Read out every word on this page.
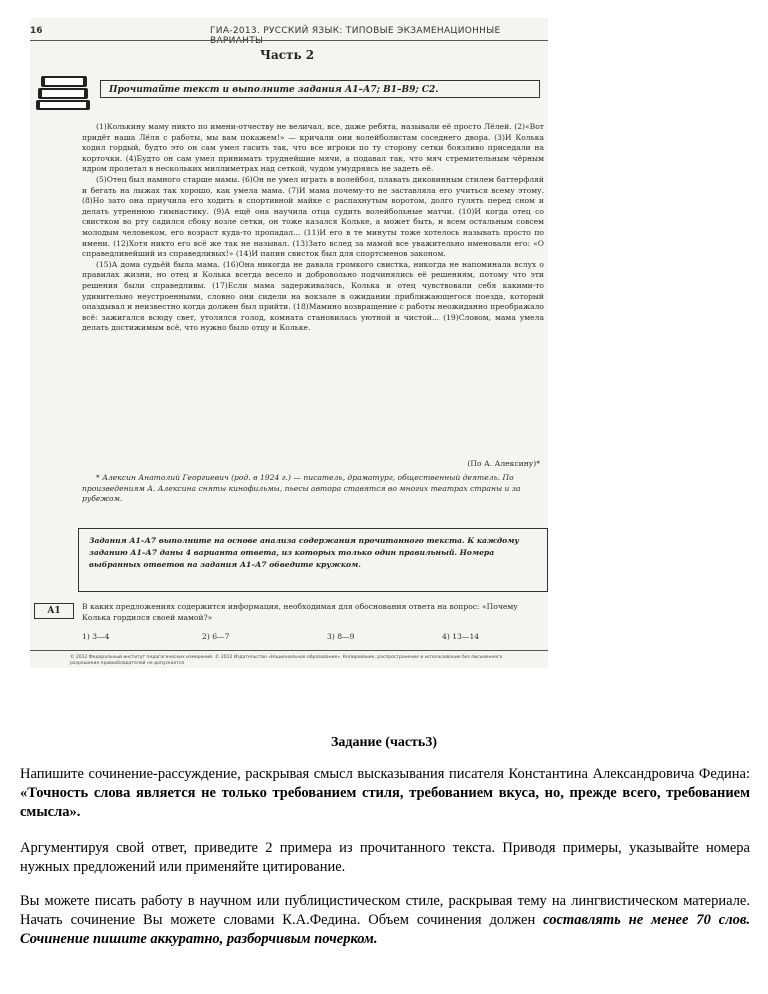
16	ГИА-2013. РУССКИЙ ЯЗЫК: ТИПОВЫЕ ЭКЗАМЕНАЦИОННЫЕ ВАРИАНТЫ
Часть 2
Прочитайте текст и выполните задания А1–А7; В1–В9; С2.

(1)Колькину маму никто по имени-отчеству не величал, все, даже ребята, называли её просто Лёлей. (2)«Вот придёт наша Лёля с работы, мы вам покажем!» — кричали они волейболистам соседнего двора. (3)И Колька ходил гордый, будто это он сам умел гасить так, что все игроки по ту сторону сетки боязливо приседали на корточки. (4)Будто он сам умел принимать труднейшие мячи, а подавал так, что мяч стремительным чёрным ядром пролетал в нескольких миллиметрах над сеткой, чудом умудряясь не задеть её.

(5)Отец был намного старше мамы. (6)Он не умел играть в волейбол, плавать диковинным стилем баттерфляй и бегать на лыжах так хорошо, как умела мама. (7)И мама почему-то не заставляла его учиться всему этому. (8)Но зато она приучила его ходить в спортивной майке с распахнутым воротом, долго гулять перед сном и делать утреннюю гимнастику. (9)А ещё она научила отца судить волейбольные матчи. (10)И когда отец со свистком во рту садился сбоку возле сетки, он тоже казался Кольке, а может быть, и всем остальным совсем молодым человеком, его возраст куда-то пропадал... (11)И его в те минуты тоже хотелось называть просто по имени. (12)Хотя никто его всё же так не называл. (13)Зато вслед за мамой все уважительно именовали его: «О справедливейший из справедливых!» (14)И папин свисток был для спортсменов законом.

(15)А дома судьёй была мама. (16)Она никогда не давала громкого свистка, никогда не напоминала вслух о правилах жизни, но отец и Колька всегда весело и добровольно подчинялись её решениям, потому что эти решения были справедливы. (17)Если мама задерживалась, Колька и отец чувствовали себя какими-то удивительно неустроенными, словно они сидели на вокзале в ожидании приближающегося поезда, который опаздывал и неизвестно когда должен был прийти. (18)Мамино возвращение с работы неожиданно преображало всё: зажигался всюду свет, утолялся голод, комната становилась уютной и чистой... (19)Словом, мама умела делать достижимым всё, что нужно было отцу и Кольке.

(По А. Алексину)*
* Алексин Анатолий Георгиевич (род. в 1924 г.) — писатель, драматург, общественный деятель. По произведениям А. Алексина сняты кинофильмы, пьесы автора ставятся во многих театрах страны и за рубежом.
Задания А1–А7 выполните на основе анализа содержания прочитанного текста. К каждому заданию А1–А7 даны 4 варианта ответа, из которых только один правильный. Номера выбранных ответов на задания А1–А7 обведите кружком.
A1	В каких предложениях содержится информация, необходимая для обоснования ответа на вопрос: «Почему Колька гордился своей мамой?»
1) 3—4	2) 6—7	3) 8—9	4) 13—14
© 2012 Федеральный институт педагогических измерений. © 2012 Издательство «Национальное образование». Копирование, распространение и использование без письменного разрешения правообладателей не допускается
Задание (часть3)
Напишите сочинение-рассуждение, раскрывая смысл высказывания писателя Константина Александровича Федина: «Точность слова является не только требованием стиля, требованием вкуса, но, прежде всего, требованием смысла».
Аргументируя свой ответ, приведите 2 примера из прочитанного текста. Приводя примеры, указывайте номера нужных предложений или применяйте цитирование.
Вы можете писать работу в научном или публицистическом стиле, раскрывая тему на лингвистическом материале. Начать сочинение Вы можете словами К.А.Федина. Объем сочинения должен составлять не менее 70 слов. Сочинение пишите аккуратно, разборчивым почерком.
